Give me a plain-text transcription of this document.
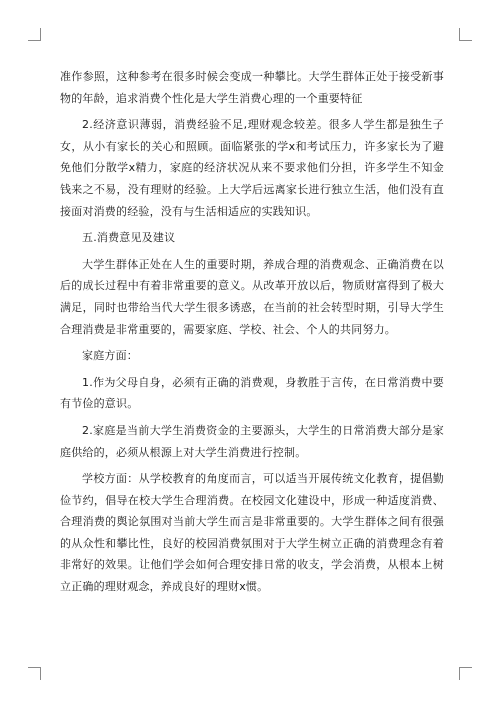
准作参照，这种参考在很多时候会变成一种攀比。大学生群体正处于接受新事物的年龄，追求消费个性化是大学生消费心理的一个重要特征

2.经济意识薄弱，消费经验不足,理财观念较差。很多人学生都是独生子女，从小有家长的关心和照顾。面临紧张的学x和考试压力，许多家长为了避免他们分散学x精力，家庭的经济状况从来不要求他们分担，许多学生不知金钱来之不易，没有理财的经验。上大学后远离家长进行独立生活，他们没有直接面对消费的经验，没有与生活相适应的实践知识。

五.消费意见及建议

大学生群体正处在人生的重要时期，养成合理的消费观念、正确消费在以后的成长过程中有着非常重要的意义。从改革开放以后，物质财富得到了极大满足，同时也带给当代大学生很多诱惑，在当前的社会转型时期，引导大学生合理消费是非常重要的，需要家庭、学校、社会、个人的共同努力。

家庭方面：

1.作为父母自身，必须有正确的消费观，身教胜于言传，在日常消费中要有节俭的意识。

2.家庭是当前大学生消费资金的主要源头，大学生的日常消费大部分是家庭供给的，必须从根源上对大学生消费进行控制。

学校方面：从学校教育的角度而言，可以适当开展传统文化教育，提倡勤俭节约，倡导在校大学生合理消费。在校园文化建设中，形成一种适度消费、合理消费的舆论氛围对当前大学生而言是非常重要的。大学生群体之间有很强的从众性和攀比性，良好的校园消费氛围对于大学生树立正确的消费理念有着非常好的效果。让他们学会如何合理安排日常的收支，学会消费，从根本上树立正确的理财观念，养成良好的理财x惯。
